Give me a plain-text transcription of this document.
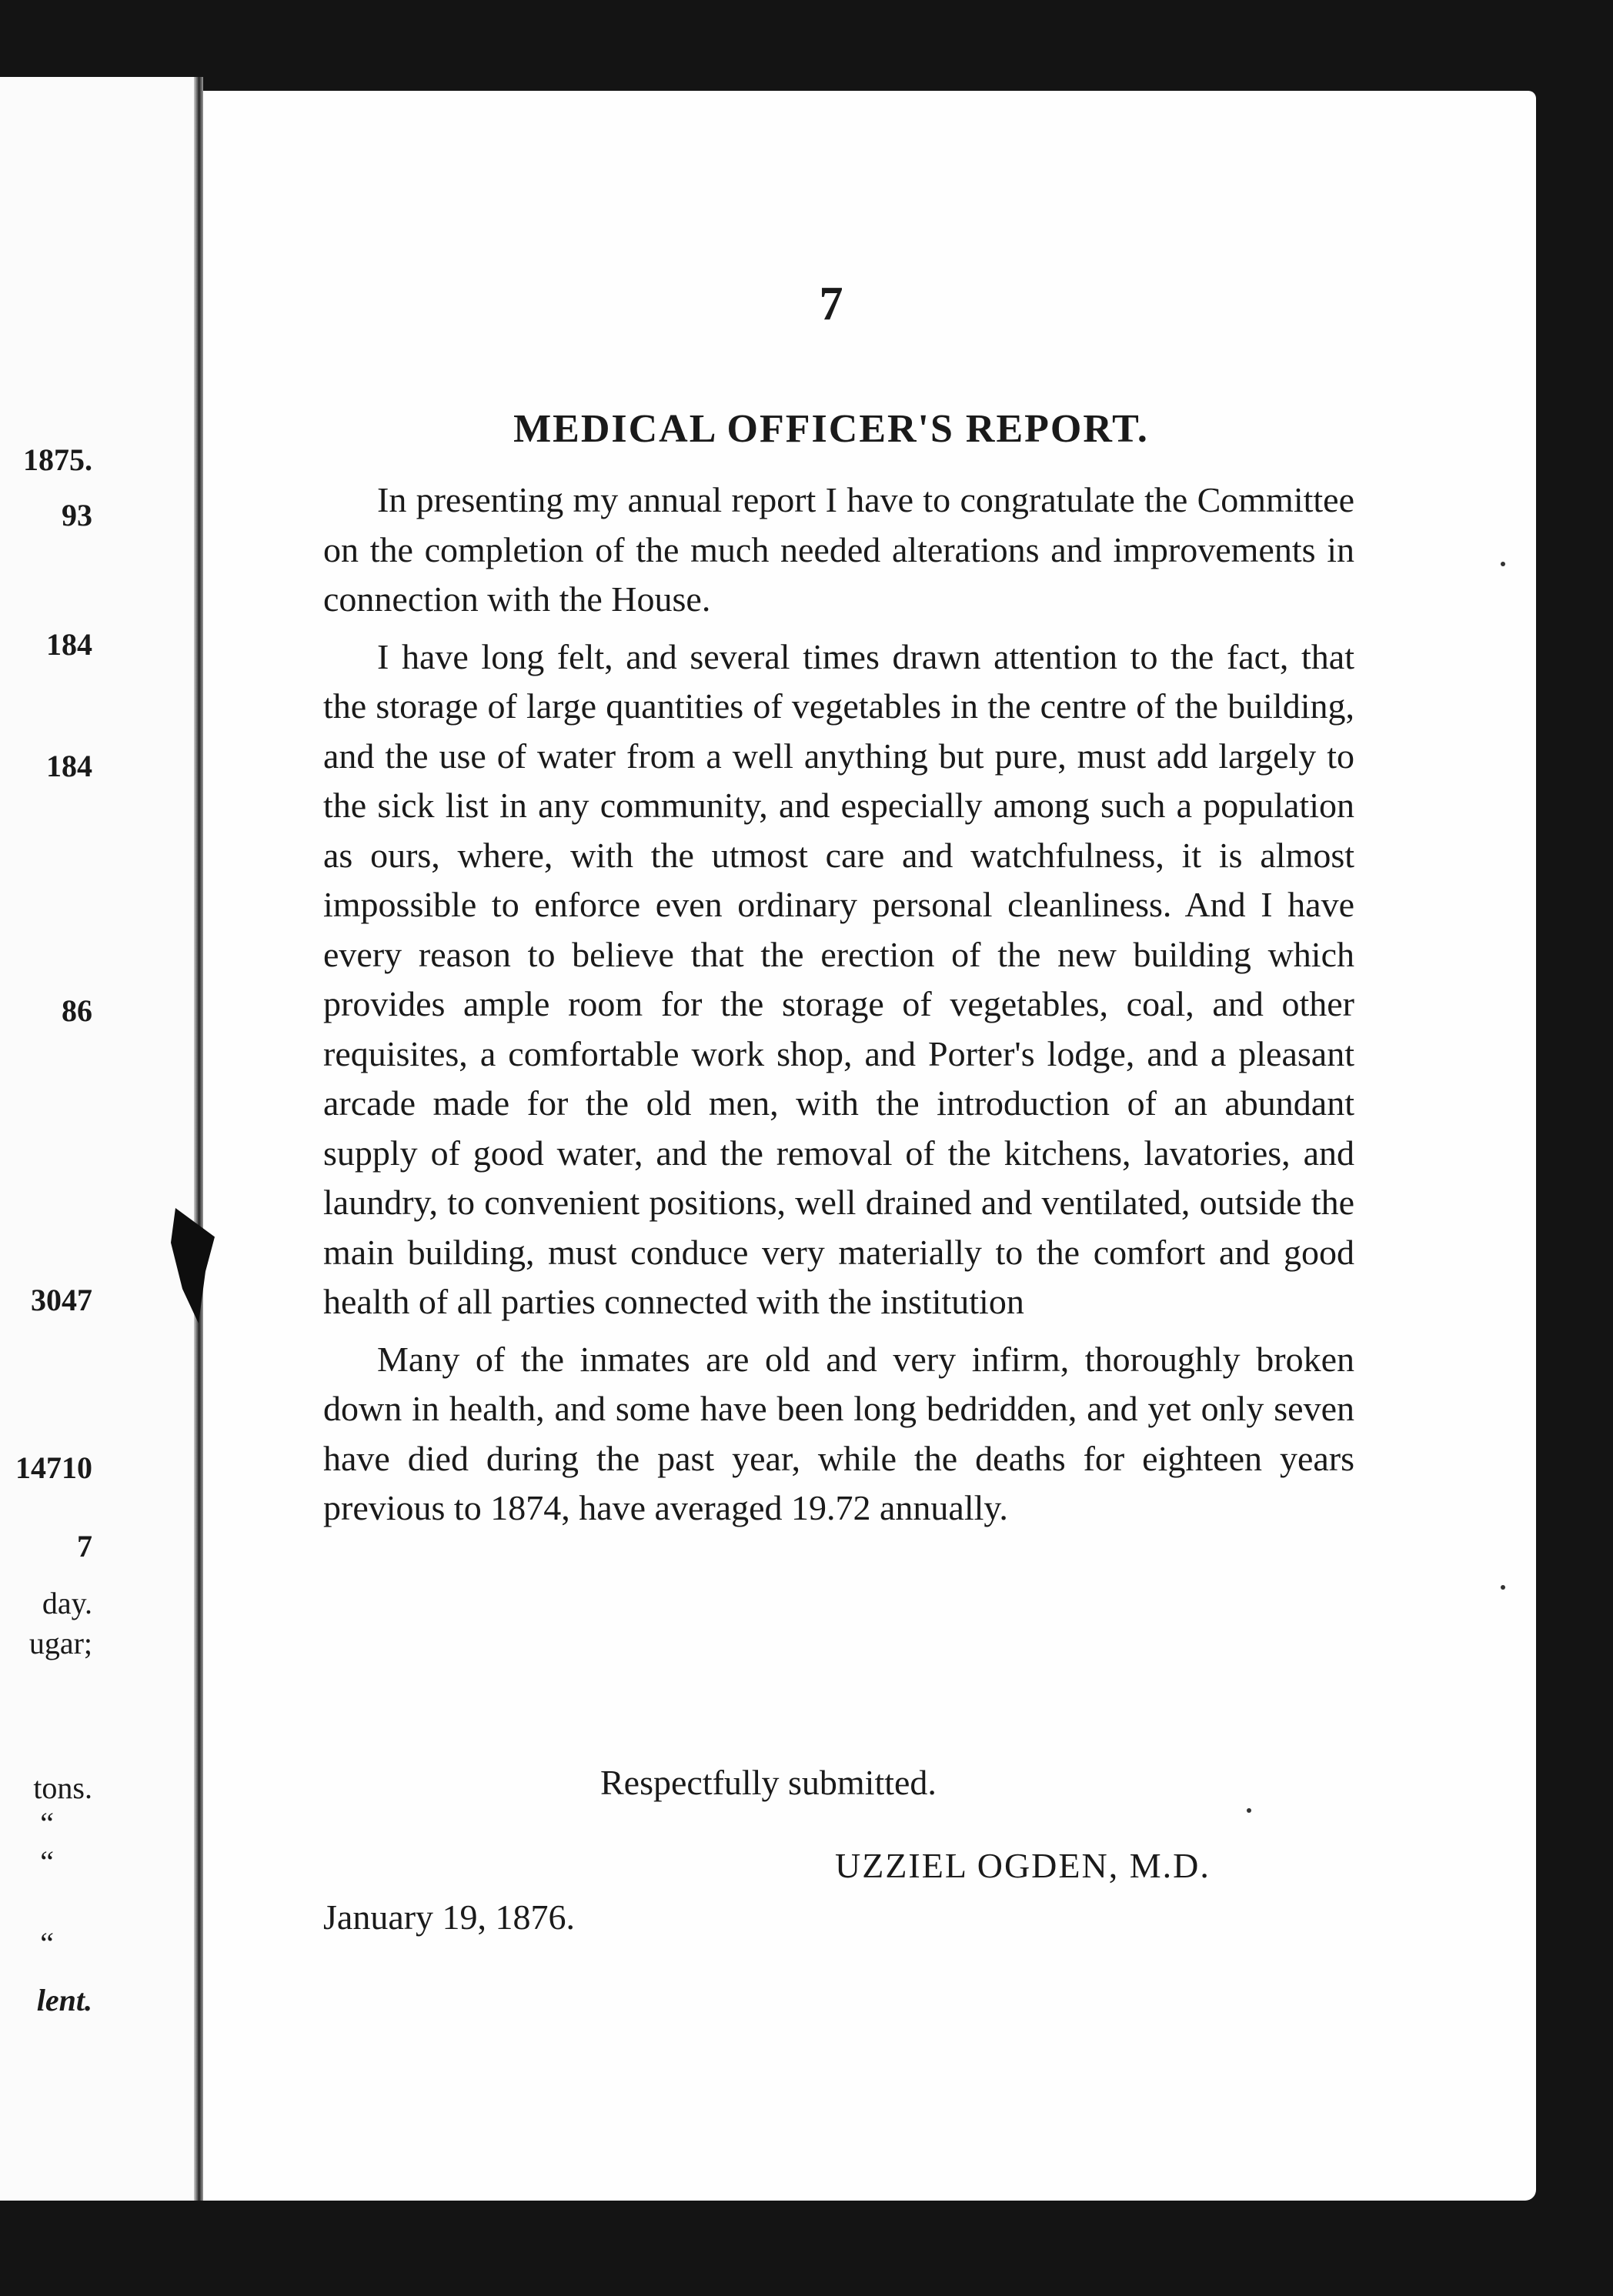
1875.
93
184
184
86
3047
14710
7
day.
ugar;
tons.
“
“
“
lent.
7
MEDICAL OFFICER'S REPORT.

In presenting my annual report I have to congratulate the Committee on the completion of the much needed alterations and improvements in connection with the House.

I have long felt, and several times drawn attention to the fact, that the storage of large quantities of vegetables in the centre of the building, and the use of water from a well anything but pure, must add largely to the sick list in any community, and especially among such a population as ours, where, with the utmost care and watchfulness, it is almost impossible to enforce even ordinary personal cleanliness. And I have every reason to believe that the erection of the new building which provides ample room for the storage of vegetables, coal, and other requisites, a comfortable work shop, and Porter's lodge, and a pleasant arcade made for the old men, with the introduction of an abundant supply of good water, and the removal of the kitchens, lavatories, and laundry, to convenient positions, well drained and ventilated, outside the main building, must conduce very materially to the comfort and good health of all parties connected with the institution

Many of the inmates are old and very infirm, thoroughly broken down in health, and some have been long bedridden, and yet only seven have died during the past year, while the deaths for eighteen years previous to 1874, have averaged 19.72 annually.

Respectfully submitted.
UZZIEL OGDEN, M.D.
January 19, 1876.
